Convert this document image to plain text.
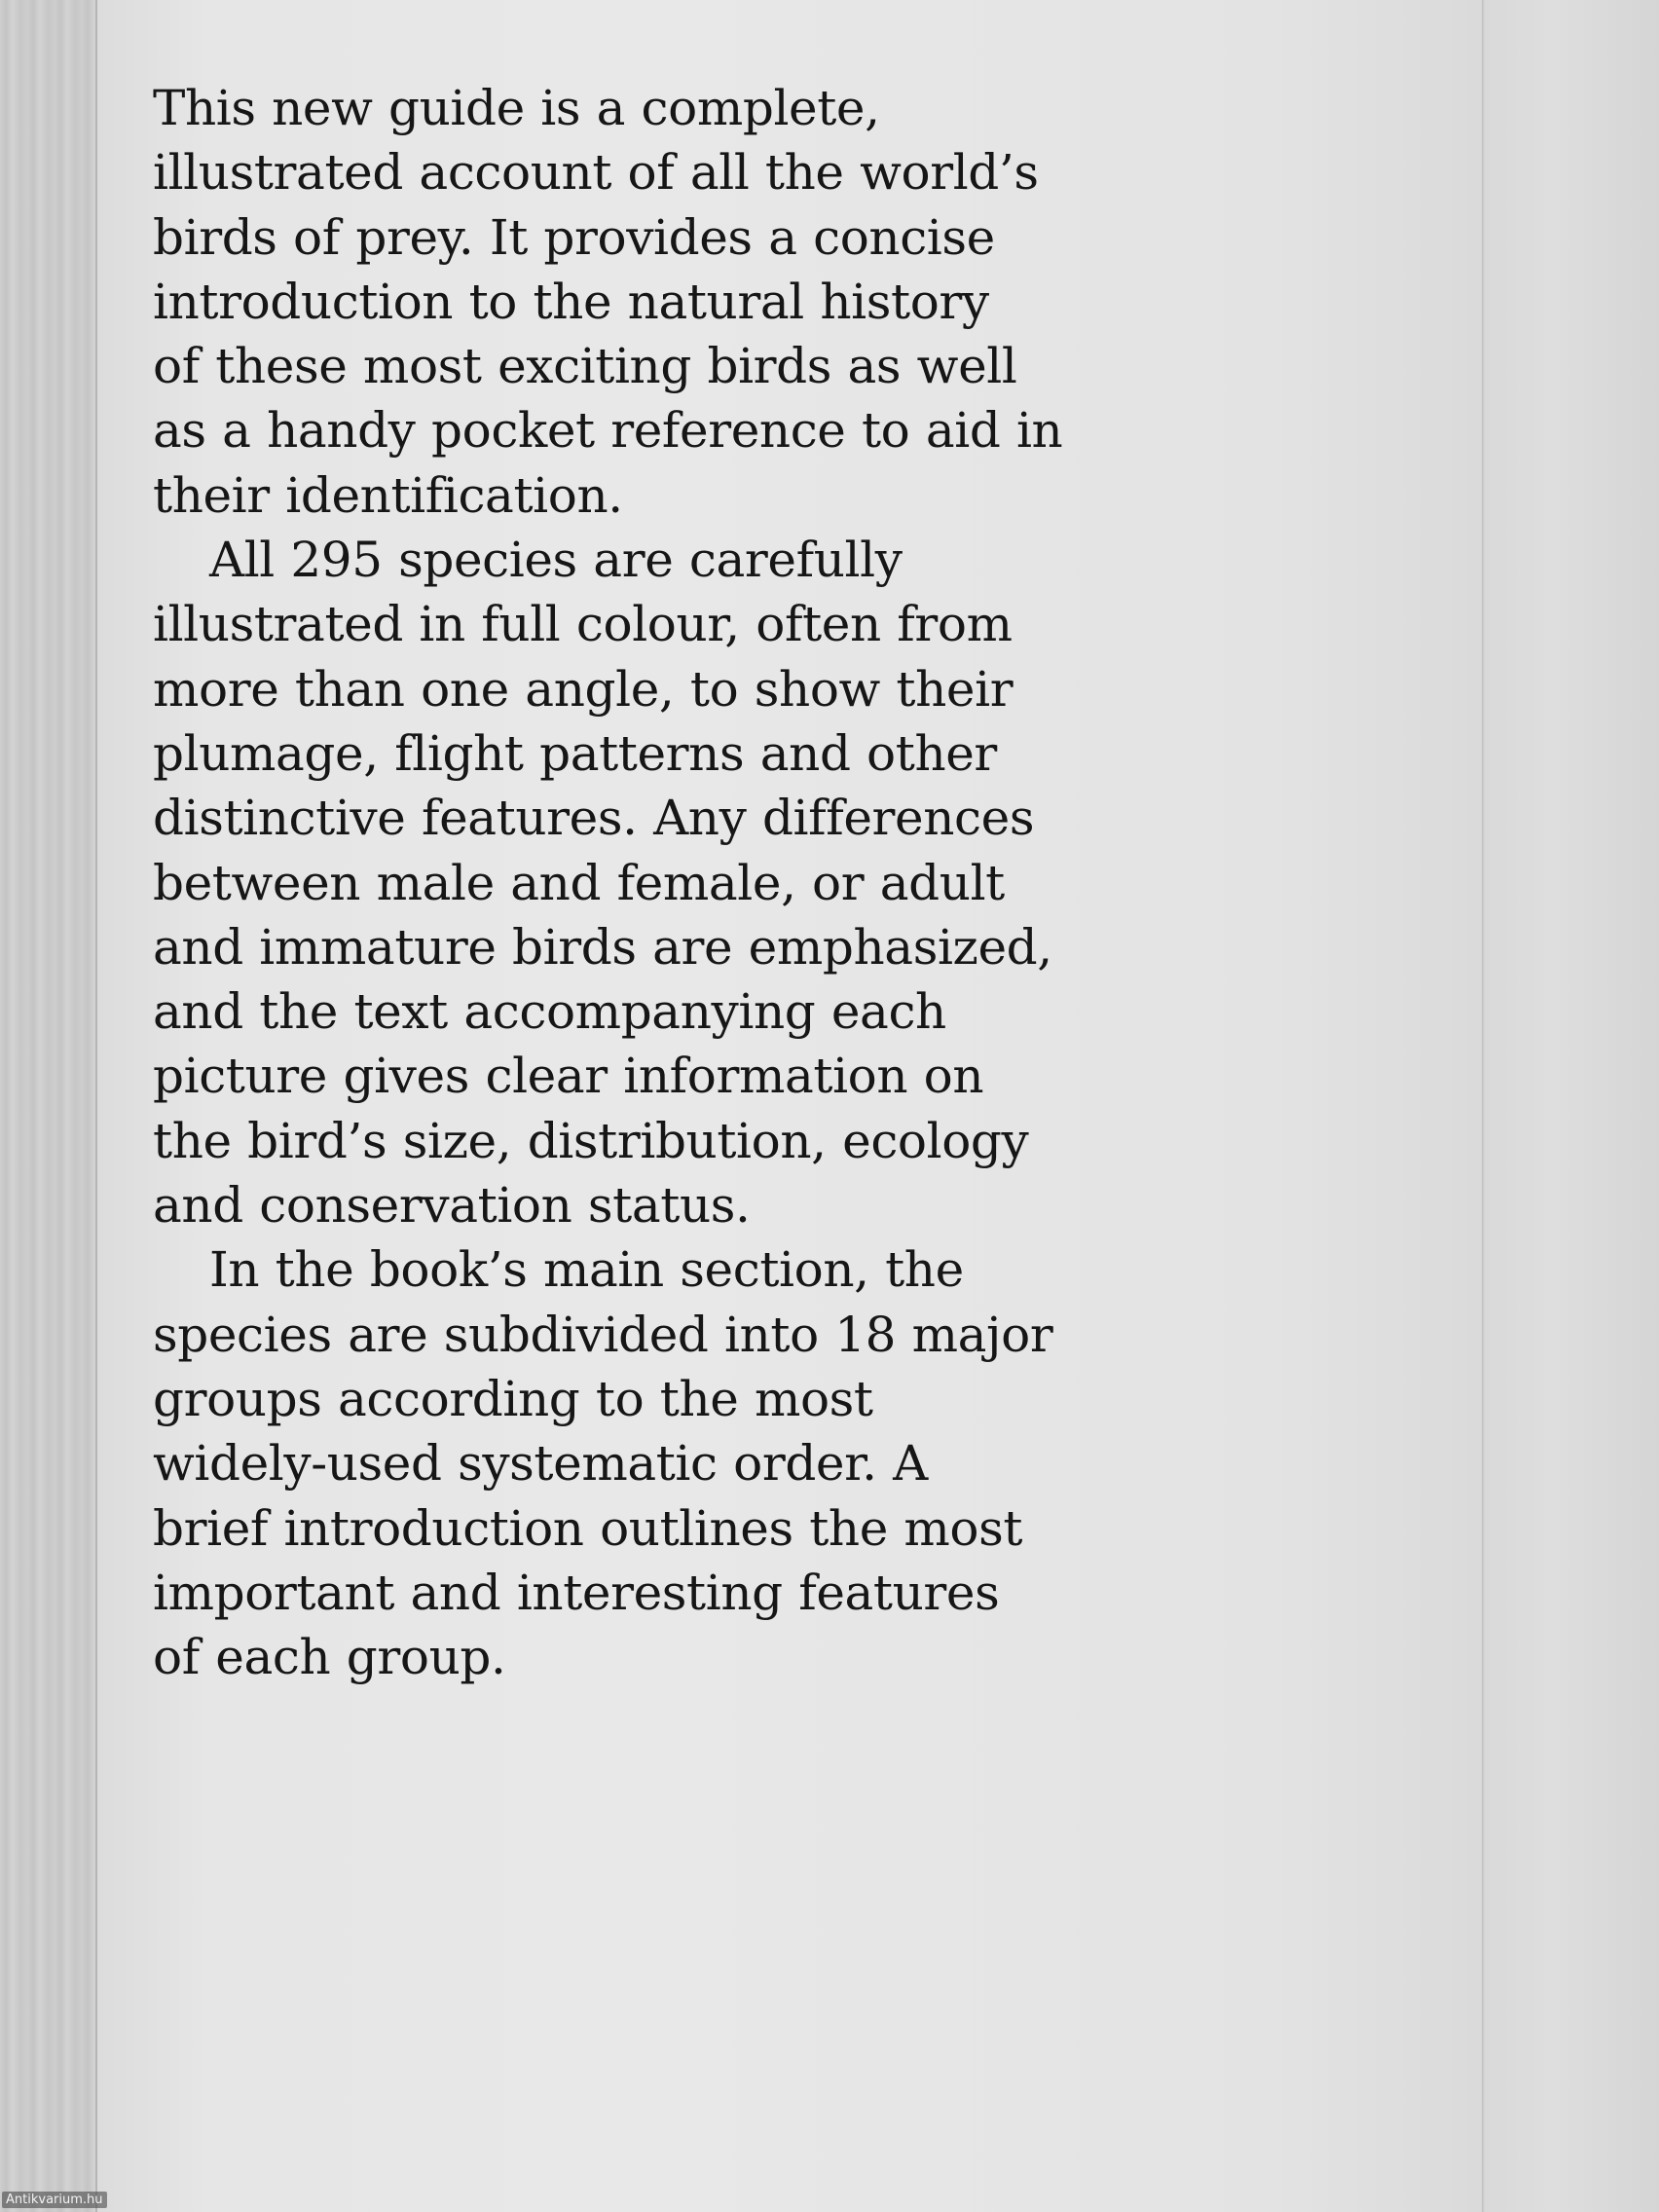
This new guide is a complete,
illustrated account of all the world’s
birds of prey. It provides a concise
introduction to the natural history
of these most exciting birds as well
as a handy pocket reference to aid in
their identification.
All 295 species are carefully
illustrated in full colour, often from
more than one angle, to show their
plumage, flight patterns and other
distinctive features. Any differences
between male and female, or adult
and immature birds are emphasized,
and the text accompanying each
picture gives clear information on
the bird’s size, distribution, ecology
and conservation status.
In the book’s main section, the
species are subdivided into 18 major
groups according to the most
widely-used systematic order. A
brief introduction outlines the most
important and interesting features
of each group.
Antikvarium.hu
